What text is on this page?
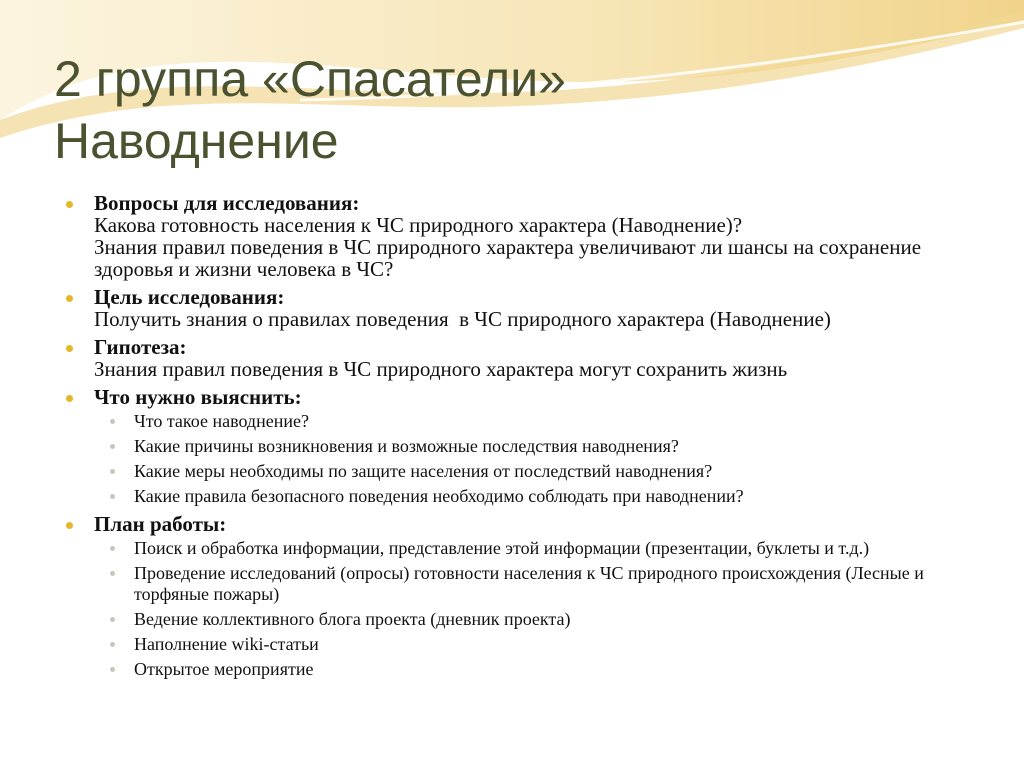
2 группа «Спасатели»
Наводнение
Вопросы для исследования:
Какова готовность населения к ЧС природного характера (Наводнение)?
Знания правил поведения в ЧС природного характера увеличивают ли шансы на сохранение здоровья и жизни человека в ЧС?
Цель исследования:
Получить знания о правилах поведения  в ЧС природного характера (Наводнение)
Гипотеза:
Знания правил поведения в ЧС природного характера могут сохранить жизнь
Что нужно выяснить:
Что такое наводнение?
Какие причины возникновения и возможные последствия наводнения?
Какие меры необходимы по защите населения от последствий наводнения?
Какие правила безопасного поведения необходимо соблюдать при наводнении?
План работы:
Поиск и обработка информации, представление этой информации (презентации, буклеты и т.д.)
Проведение исследований (опросы) готовности населения к ЧС природного происхождения (Лесные и торфяные пожары)
Ведение коллективного блога проекта (дневник проекта)
Наполнение wiki-статьи
Открытое мероприятие
